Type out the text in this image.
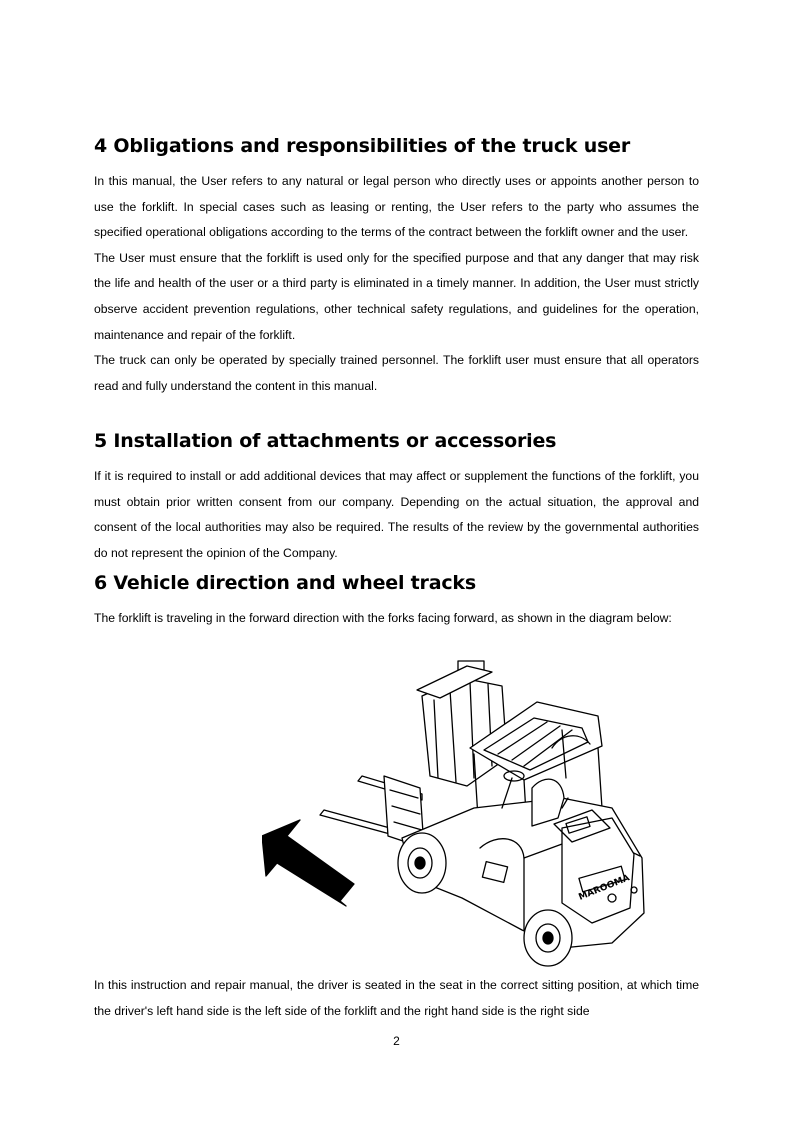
4 Obligations and responsibilities of the truck user

In this manual, the User refers to any natural or legal person who directly uses or appoints another person to use the forklift. In special cases such as leasing or renting, the User refers to the party who assumes the specified operational obligations according to the terms of the contract between the forklift owner and the user.

The User must ensure that the forklift is used only for the specified purpose and that any danger that may risk the life and health of the user or a third party is eliminated in a timely manner. In addition, the User must strictly observe accident prevention regulations, other technical safety regulations, and guidelines for the operation, maintenance and repair of the forklift.

The truck can only be operated by specially trained personnel. The forklift user must ensure that all operators read and fully understand the content in this manual.

5 Installation of attachments or accessories

If it is required to install or add additional devices that may affect or supplement the functions of the forklift, you must obtain prior written consent from our company. Depending on the actual situation, the approval and consent of the local authorities may also be required. The results of the review by the governmental authorities do not represent the opinion of the Company.

6 Vehicle direction and wheel tracks

The forklift is traveling in the forward direction with the forks facing forward, as shown in the diagram below:

MAROOMA
In this instruction and repair manual, the driver is seated in the seat in the correct sitting position, at which time the driver's left hand side is the left side of the forklift and the right hand side is the right side
2
